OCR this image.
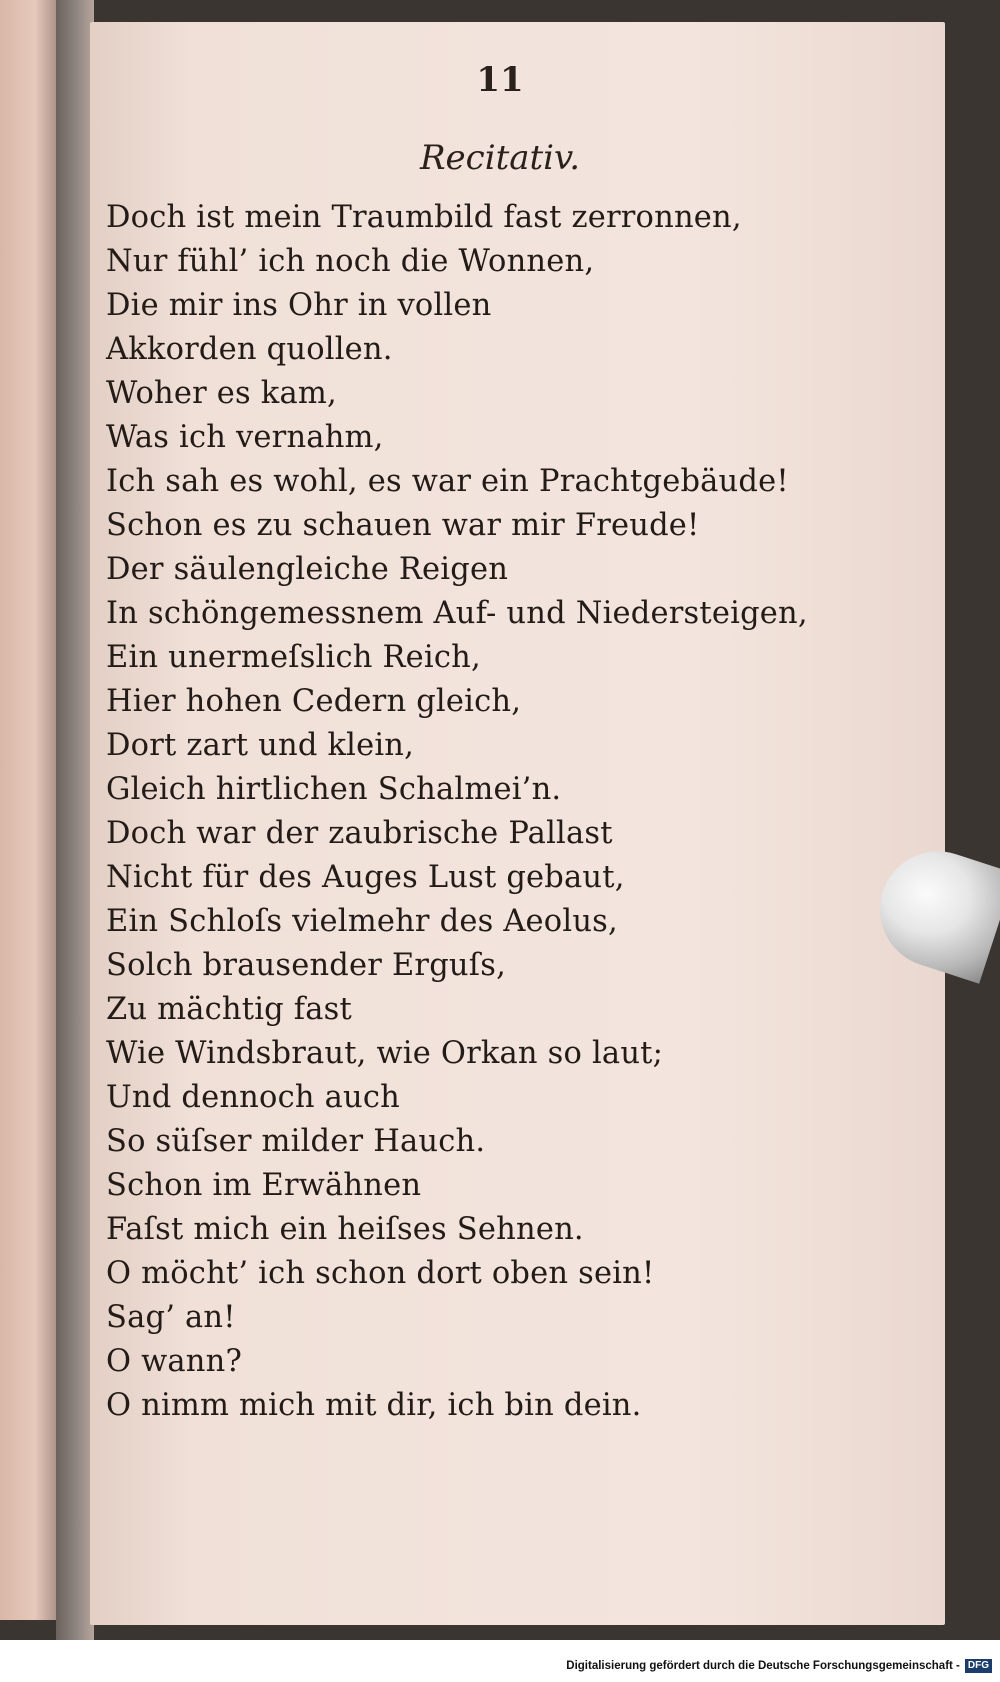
11
Recitativ.
Doch ist mein Traumbild fast zerronnen,
Nur fühl’ ich noch die Wonnen,
Die mir ins Ohr in vollen
Akkorden quollen.
Woher es kam,
Was ich vernahm,
Ich sah es wohl, es war ein Prachtgebäude!
Schon es zu schauen war mir Freude!
Der säulengleiche Reigen
In schöngemessnem Auf- und Niedersteigen,
Ein unermeſslich Reich,
Hier hohen Cedern gleich,
Dort zart und klein,
Gleich hirtlichen Schalmei’n.
Doch war der zaubrische Pallast
Nicht für des Auges Lust gebaut,
Ein Schloſs vielmehr des Aeolus,
Solch brausender Erguſs,
Zu mächtig fast
Wie Windsbraut, wie Orkan so laut;
Und dennoch auch
So süſser milder Hauch.
Schon im Erwähnen
Faſst mich ein heiſses Sehnen.
O möcht’ ich schon dort oben sein!
Sag’ an!
O wann?
O nimm mich mit dir, ich bin dein.
Digitalisierung gefördert durch die Deutsche Forschungsgemeinschaft - DFG
